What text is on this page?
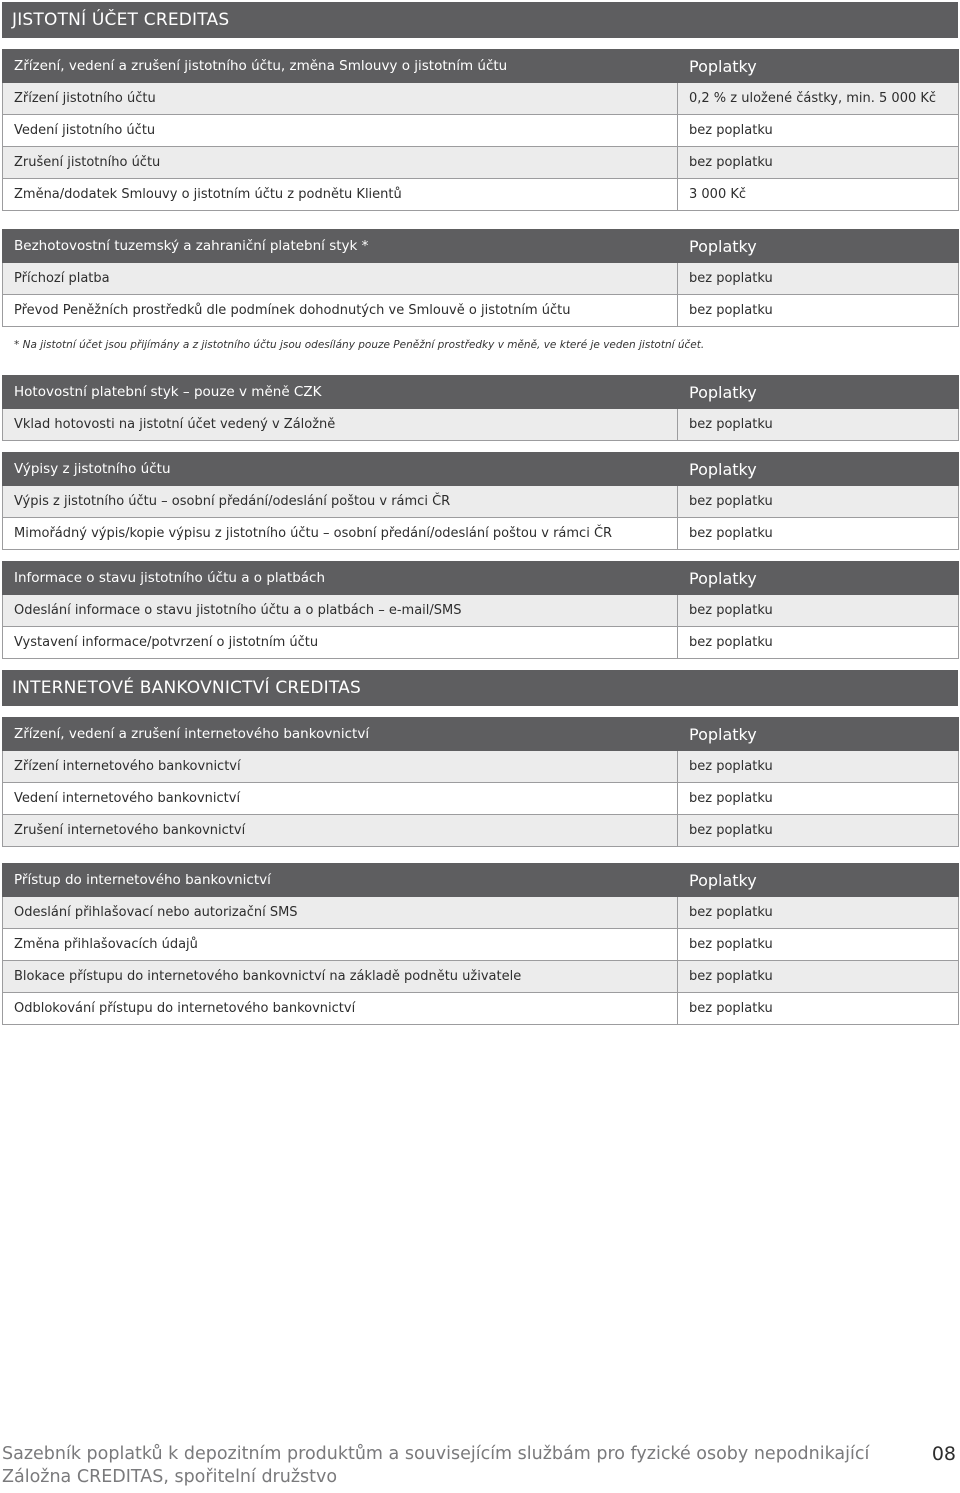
JISTOTNÍ ÚČET CREDITAS
Zřízení, vedení a zrušení jistotního účtu, změna Smlouvy o jistotním účtu	Poplatky
Zřízení jistotního účtu	0,2 % z uložené částky, min. 5 000 Kč
Vedení jistotního účtu	bez poplatku
Zrušení jistotního účtu	bez poplatku
Změna/dodatek Smlouvy o jistotním účtu z podnětu Klientů	3 000 Kč
Bezhotovostní tuzemský a zahraniční platební styk *	Poplatky
Příchozí platba	bez poplatku
Převod Peněžních prostředků dle podmínek dohodnutých ve Smlouvě o jistotním účtu	bez poplatku
* Na jistotní účet jsou přijímány a z jistotního účtu jsou odesílány pouze Peněžní prostředky v měně, ve které je veden jistotní účet.
Hotovostní platební styk – pouze v měně CZK	Poplatky
Vklad hotovosti na jistotní účet vedený v Záložně	bez poplatku
Výpisy z jistotního účtu	Poplatky
Výpis z jistotního účtu – osobní předání/odeslání poštou v rámci ČR	bez poplatku
Mimořádný výpis/kopie výpisu z jistotního účtu – osobní předání/odeslání poštou v rámci ČR	bez poplatku
Informace o stavu jistotního účtu a o platbách	Poplatky
Odeslání informace o stavu jistotního účtu a o platbách – e-mail/SMS	bez poplatku
Vystavení informace/potvrzení o jistotním účtu	bez poplatku
INTERNETOVÉ BANKOVNICTVÍ CREDITAS
Zřízení, vedení a zrušení internetového bankovnictví	Poplatky
Zřízení internetového bankovnictví	bez poplatku
Vedení internetového bankovnictví	bez poplatku
Zrušení internetového bankovnictví	bez poplatku
Přístup do internetového bankovnictví	Poplatky
Odeslání přihlašovací nebo autorizační SMS	bez poplatku
Změna přihlašovacích údajů	bez poplatku
Blokace přístupu do internetového bankovnictví na základě podnětu uživatele	bez poplatku
Odblokování přístupu do internetového bankovnictví	bez poplatku
Sazebník poplatků k depozitním produktům a souvisejícím službám pro fyzické osoby nepodnikající
Záložna CREDITAS, spořitelní družstvo
08
